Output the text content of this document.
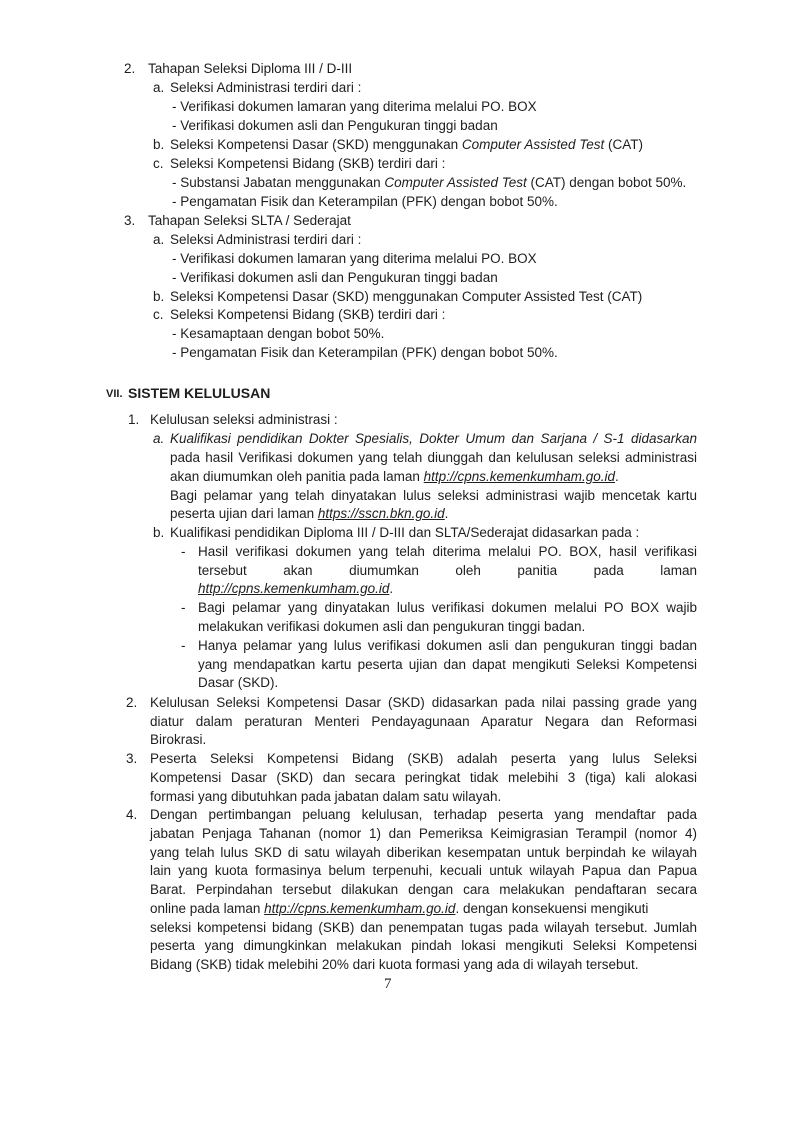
2. Tahapan Seleksi Diploma III / D-III
a. Seleksi Administrasi terdiri dari :
- Verifikasi dokumen lamaran yang diterima melalui PO. BOX
- Verifikasi dokumen asli dan Pengukuran tinggi badan
b. Seleksi Kompetensi Dasar (SKD) menggunakan Computer Assisted Test (CAT)
c. Seleksi Kompetensi Bidang (SKB) terdiri dari :
- Substansi Jabatan menggunakan Computer Assisted Test (CAT) dengan bobot 50%.
- Pengamatan Fisik dan Keterampilan (PFK) dengan bobot 50%.
3. Tahapan Seleksi SLTA / Sederajat
a. Seleksi Administrasi terdiri dari :
- Verifikasi dokumen lamaran yang diterima melalui PO. BOX
- Verifikasi dokumen asli dan Pengukuran tinggi badan
b. Seleksi Kompetensi Dasar (SKD) menggunakan Computer Assisted Test (CAT)
c. Seleksi Kompetensi Bidang (SKB) terdiri dari :
- Kesamaptaan dengan bobot 50%.
- Pengamatan Fisik dan Keterampilan (PFK) dengan bobot 50%.
VII. SISTEM KELULUSAN
1. Kelulusan seleksi administrasi :
a. Kualifikasi pendidikan Dokter Spesialis, Dokter Umum dan Sarjana / S-1 didasarkan
pada hasil Verifikasi dokumen yang telah diunggah dan kelulusan seleksi administrasi
akan diumumkan oleh panitia pada laman http://cpns.kemenkumham.go.id.
Bagi pelamar yang telah dinyatakan lulus seleksi administrasi wajib mencetak kartu
peserta ujian dari laman https://sscn.bkn.go.id.
b. Kualifikasi pendidikan Diploma III / D-III dan SLTA/Sederajat didasarkan pada :
- Hasil verifikasi dokumen yang telah diterima melalui PO. BOX, hasil verifikasi
tersebut akan diumumkan oleh panitia pada laman
http://cpns.kemenkumham.go.id.
- Bagi pelamar yang dinyatakan lulus verifikasi dokumen melalui PO BOX wajib
melakukan verifikasi dokumen asli dan pengukuran tinggi badan.
- Hanya pelamar yang lulus verifikasi dokumen asli dan pengukuran tinggi badan
yang mendapatkan kartu peserta ujian dan dapat mengikuti Seleksi Kompetensi
Dasar (SKD).
2. Kelulusan Seleksi Kompetensi Dasar (SKD) didasarkan pada nilai passing grade yang
diatur dalam peraturan Menteri Pendayagunaan Aparatur Negara dan Reformasi
Birokrasi.
3. Peserta Seleksi Kompetensi Bidang (SKB) adalah peserta yang lulus Seleksi
Kompetensi Dasar (SKD) dan secara peringkat tidak melebihi 3 (tiga) kali alokasi
formasi yang dibutuhkan pada jabatan dalam satu wilayah.
4. Dengan pertimbangan peluang kelulusan, terhadap peserta yang mendaftar pada
jabatan Penjaga Tahanan (nomor 1) dan Pemeriksa Keimigrasian Terampil (nomor 4)
yang telah lulus SKD di satu wilayah diberikan kesempatan untuk berpindah ke wilayah
lain yang kuota formasinya belum terpenuhi, kecuali untuk wilayah Papua dan Papua
Barat. Perpindahan tersebut dilakukan dengan cara melakukan pendaftaran secara
online pada laman http://cpns.kemenkumham.go.id. dengan konsekuensi mengikuti
seleksi kompetensi bidang (SKB) dan penempatan tugas pada wilayah tersebut. Jumlah
peserta yang dimungkinkan melakukan pindah lokasi mengikuti Seleksi Kompetensi
Bidang (SKB) tidak melebihi 20% dari kuota formasi yang ada di wilayah tersebut.
7
